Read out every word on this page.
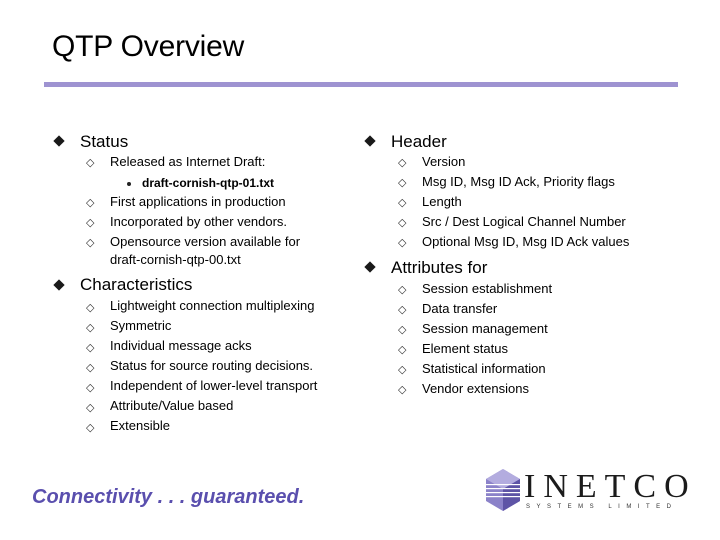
QTP Overview
Status
◇ Released as Internet Draft:
draft-cornish-qtp-01.txt
◇ First applications in production
◇ Incorporated by other vendors.
◇ Opensource version available for
draft-cornish-qtp-00.txt
Characteristics
◇ Lightweight connection multiplexing
◇ Symmetric
◇ Individual message acks
◇ Status for source routing decisions.
◇ Independent of lower-level transport
◇ Attribute/Value based
◇ Extensible
Header
◇ Version
◇ Msg ID, Msg ID Ack, Priority flags
◇ Length
◇ Src / Dest Logical Channel Number
◇ Optional Msg ID, Msg ID Ack values
Attributes for
◇ Session establishment
◇ Data transfer
◇ Session management
◇ Element status
◇ Statistical information
◇ Vendor extensions
Connectivity . . . guaranteed.	INETCO
SYSTEMS LIMITED
